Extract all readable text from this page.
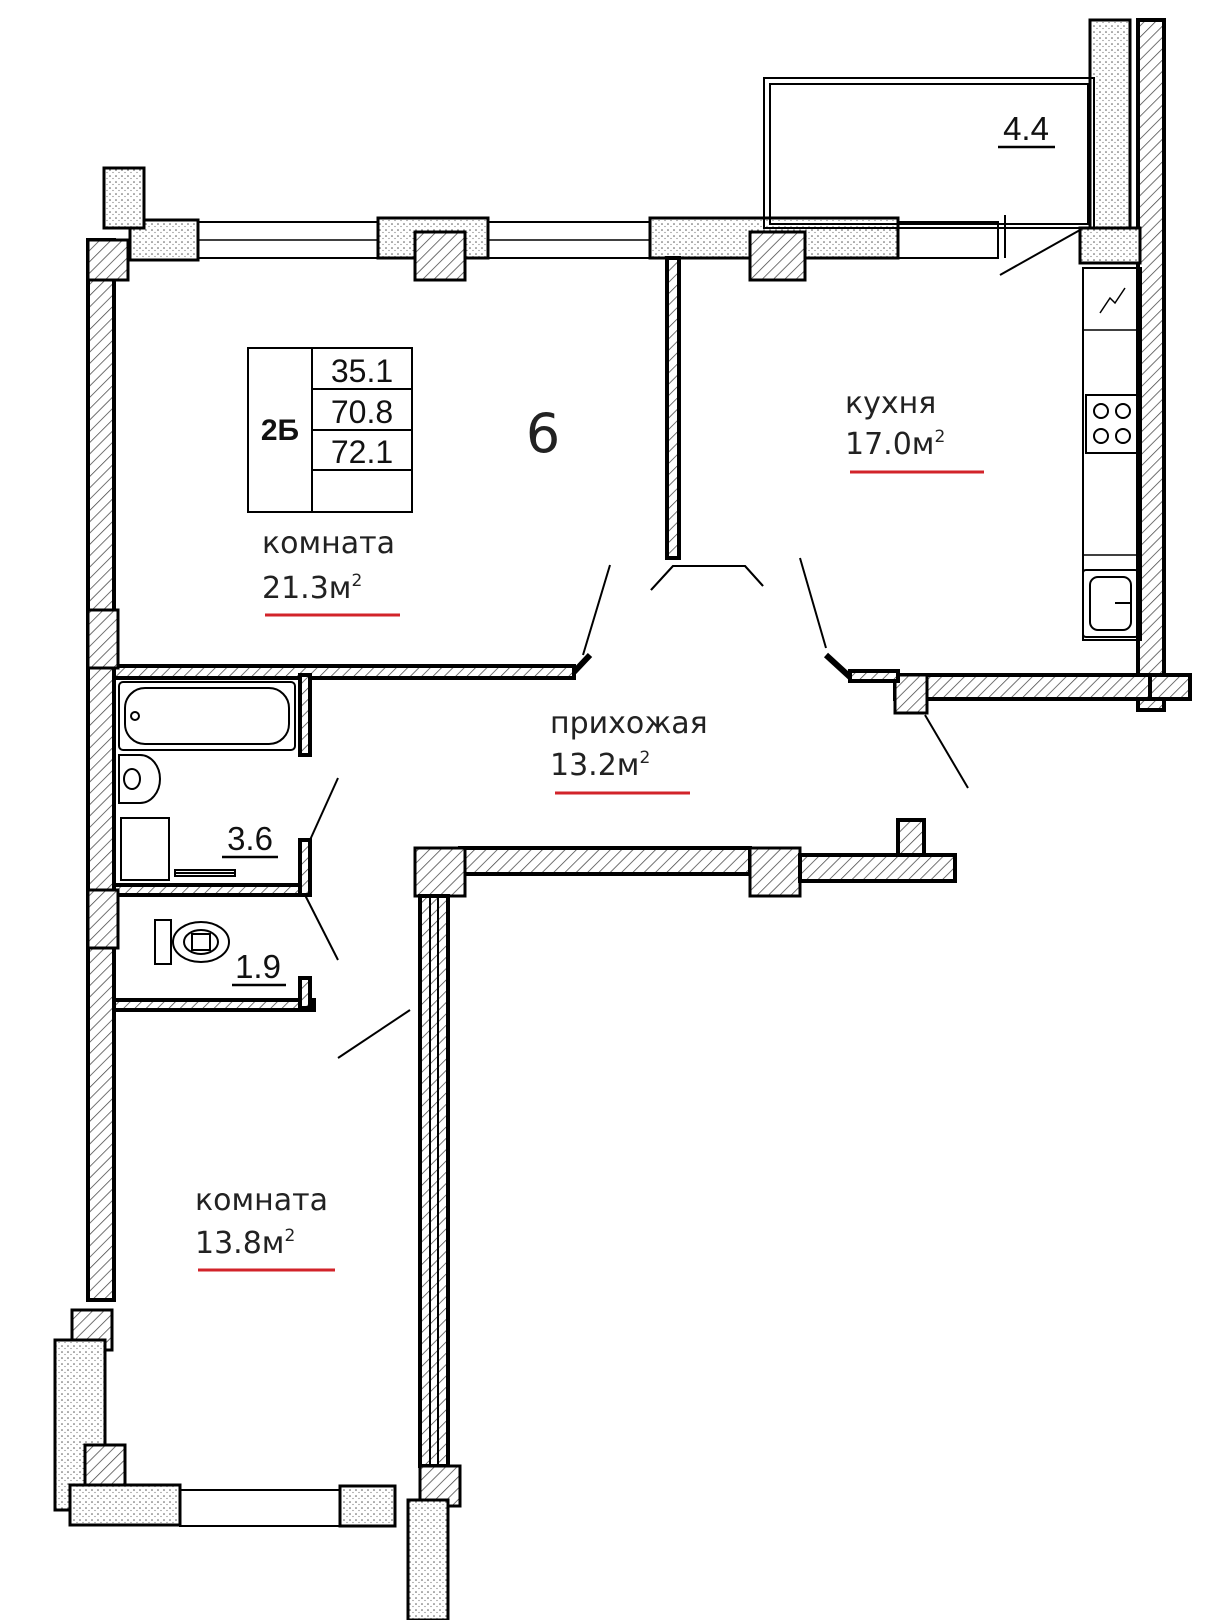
2Б
35.1
70.8
72.1 6
комната
$21.3м^2$
кухня
$17.0м^2$
прихожая
$13.2м^2$
комната
$13.8м^2$
4.4
3.6
1.9
